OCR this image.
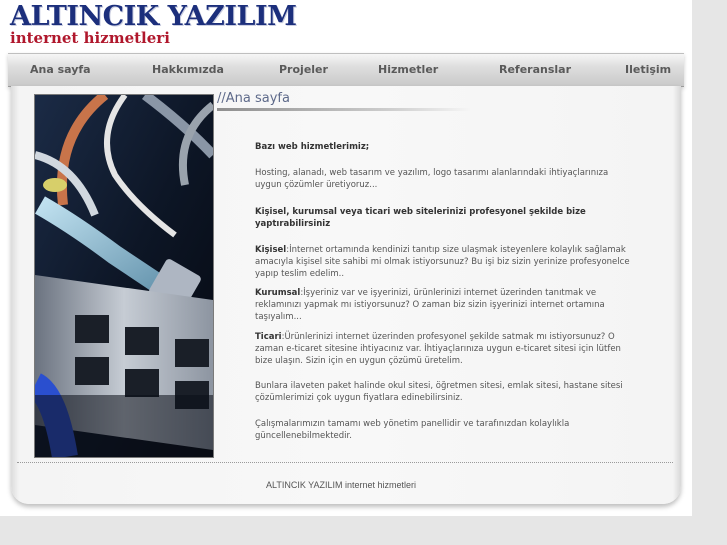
ALTINCIK YAZILIM
internet hizmetleri
Ana sayfa	Hakkımızda	Projeler	Hizmetler	Referanslar	Iletişim
//Ana sayfa
Bazı web hizmetlerimiz;
Hosting, alanadı, web tasarım ve yazılım, logo tasarımı alanlarındaki ihtiyaçlarınıza uygun çözümler üretiyoruz...
Kişisel, kurumsal veya ticari web sitelerinizi profesyonel şekilde bize yaptırabilirsiniz
Kişisel:İnternet ortamında kendinizi tanıtıp size ulaşmak isteyenlere kolaylık sağlamak amacıyla kişisel site sahibi mi olmak istiyorsunuz? Bu işi biz sizin yerinize profesyonelce yapıp teslim edelim..
Kurumsal:İşyeriniz var ve işyerinizi, ürünlerinizi internet üzerinden tanıtmak ve reklamınızı yapmak mı istiyorsunuz? O zaman biz sizin işyerinizi internet ortamına taşıyalım...
Ticari:Ürünlerinizi internet üzerinden profesyonel şekilde satmak mı istiyorsunuz? O zaman e-ticaret sitesine ihtiyacınız var. İhtiyaçlarınıza uygun e-ticaret sitesi için lütfen bize ulaşın. Sizin için en uygun çözümü üretelim.
Bunlara ilaveten paket halinde okul sitesi, öğretmen sitesi, emlak sitesi, hastane sitesi çözümlerimizi çok uygun fiyatlara edinebilirsiniz.
Çalışmalarımızın tamamı web yönetim panellidir ve tarafınızdan kolaylıkla güncellenebilmektedir.
ALTINCIK YAZILIM internet hizmetleri
